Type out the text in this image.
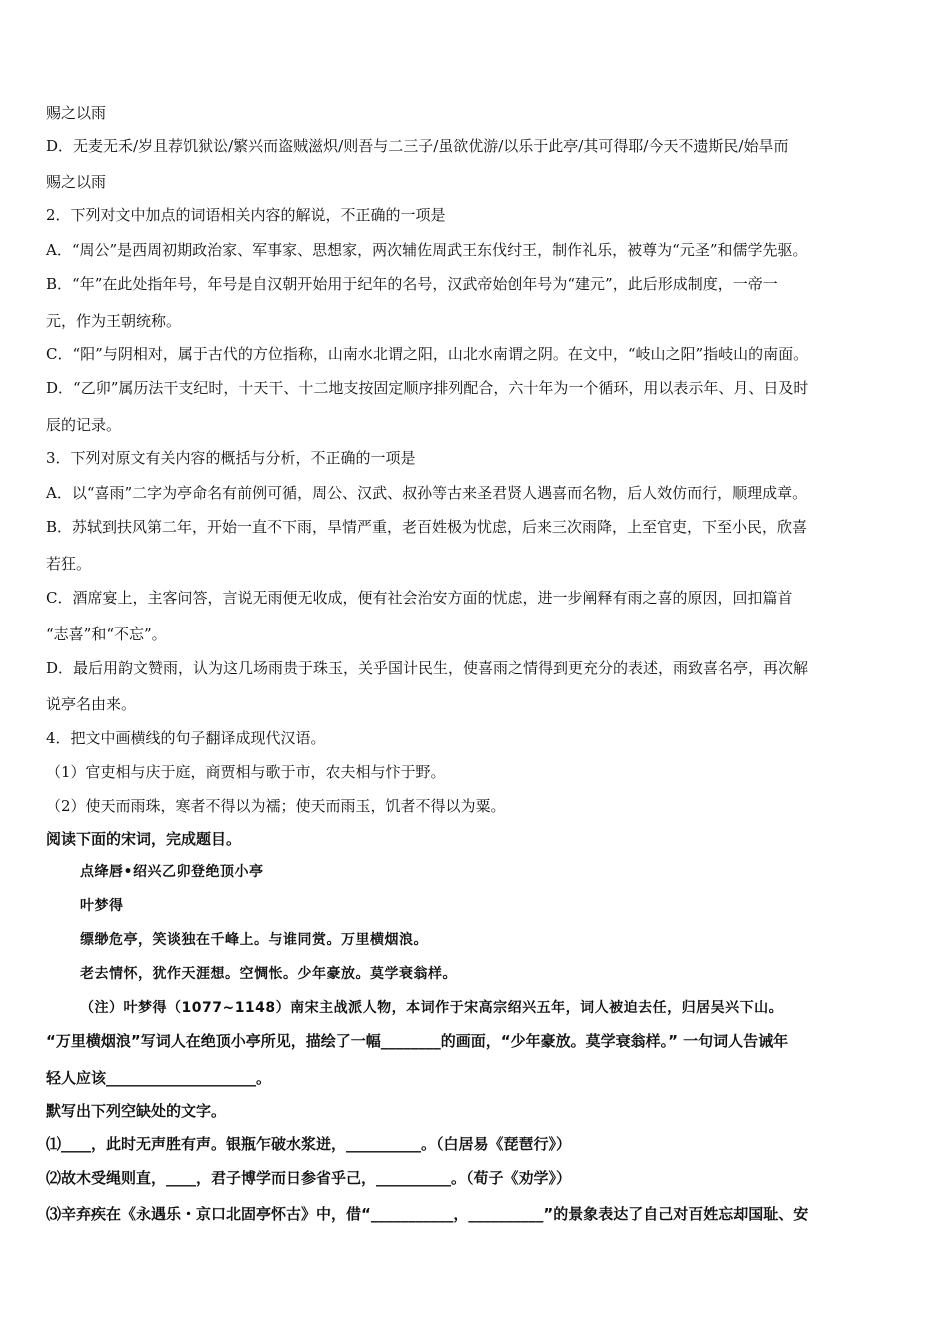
赐之以雨
D．无麦无禾/岁且荐饥狱讼/繁兴而盗贼滋炽/则吾与二三子/虽欲优游/以乐于此亭/其可得耶/今天不遗斯民/始旱而
赐之以雨
2．下列对文中加点的词语相关内容的解说，不正确的一项是
A．“周公”是西周初期政治家、军事家、思想家，两次辅佐周武王东伐纣王，制作礼乐，被尊为“元圣”和儒学先驱。
B．“年”在此处指年号，年号是自汉朝开始用于纪年的名号，汉武帝始创年号为“建元”，此后形成制度，一帝一
元，作为王朝统称。
C．“阳”与阴相对，属于古代的方位指称，山南水北谓之阳，山北水南谓之阴。在文中，“岐山之阳”指岐山的南面。
D．“乙卯”属历法干支纪时，十天干、十二地支按固定顺序排列配合，六十年为一个循环，用以表示年、月、日及时
辰的记录。
3．下列对原文有关内容的概括与分析，不正确的一项是
A．以“喜雨”二字为亭命名有前例可循，周公、汉武、叔孙等古来圣君贤人遇喜而名物，后人效仿而行，顺理成章。
B．苏轼到扶风第二年，开始一直不下雨，旱情严重，老百姓极为忧虑，后来三次雨降，上至官吏，下至小民，欣喜
若狂。
C．酒席宴上，主客问答，言说无雨便无收成，便有社会治安方面的忧虑，进一步阐释有雨之喜的原因，回扣篇首
“志喜”和“不忘”。
D．最后用韵文赞雨，认为这几场雨贵于珠玉，关乎国计民生，使喜雨之情得到更充分的表述，雨致喜名亭，再次解
说亭名由来。
4．把文中画横线的句子翻译成现代汉语。
（1）官吏相与庆于庭，商贾相与歌于市，农夫相与忭于野。
（2）使天而雨珠，寒者不得以为襦；使天而雨玉，饥者不得以为粟。
阅读下面的宋词，完成题目。
点绛唇•绍兴乙卯登绝顶小亭
叶梦得
缥缈危亭，笑谈独在千峰上。与谁同赏。万里横烟浪。
老去情怀，犹作天涯想。空惆怅。少年豪放。莫学衰翁样。
（注）叶梦得（1077~1148）南宋主战派人物，本词作于宋高宗绍兴五年，词人被迫去任，归居吴兴下山。
“万里横烟浪”写词人在绝顶小亭所见，描绘了一幅________的画面，“少年豪放。莫学衰翁样。” 一句词人告诫年
轻人应该____________________。
默写出下列空缺处的文字。
⑴____，此时无声胜有声。银瓶乍破水浆迸，__________。（白居易《琵琶行》）
⑵故木受绳则直，____，君子博学而日参省乎己，__________。（荀子《劝学》）
⑶辛弃疾在《永遇乐・京口北固亭怀古》中，借“___________，__________”的景象表达了自己对百姓忘却国耻、安
